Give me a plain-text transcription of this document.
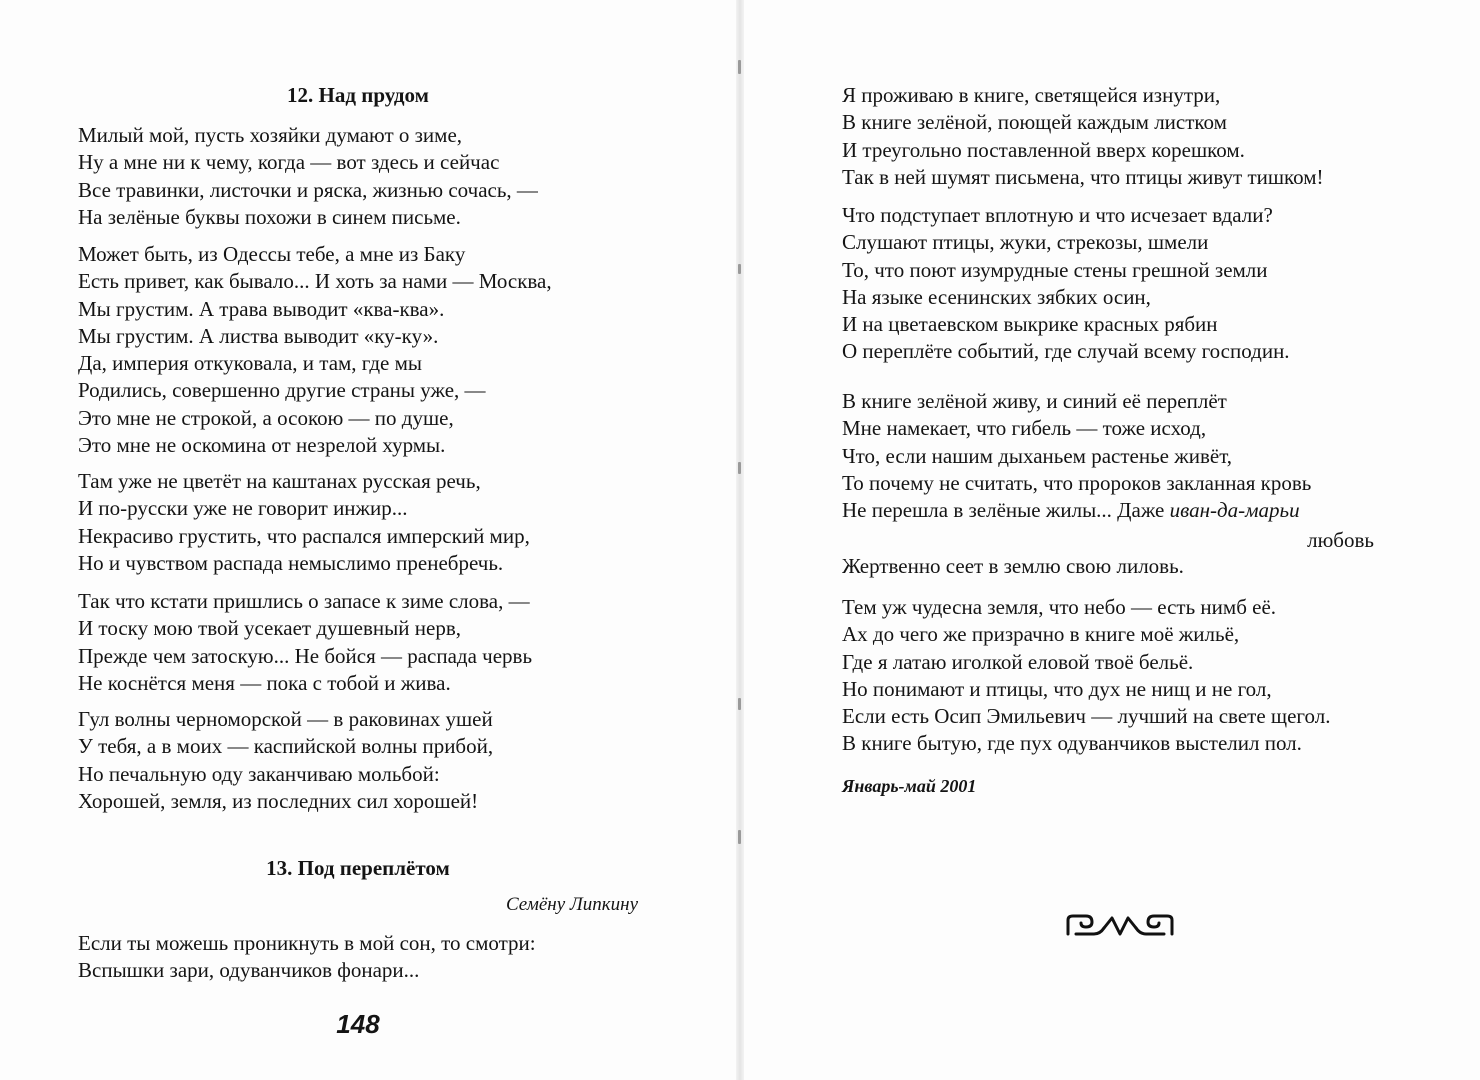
12. Над прудом
Милый мой, пусть хозяйки думают о зиме,
Ну а мне ни к чему, когда — вот здесь и сейчас
Все травинки, листочки и ряска, жизнью сочась, —
На зелёные буквы похожи в синем письме.
Может быть, из Одессы тебе, а мне из Баку
Есть привет, как бывало... И хоть за нами — Москва,
Мы грустим. А трава выводит «ква-ква».
Мы грустим. А листва выводит «ку-ку».
Да, империя откуковала, и там, где мы
Родились, совершенно другие страны уже, —
Это мне не строкой, а осокою — по душе,
Это мне не оскомина от незрелой хурмы.
Там уже не цветёт на каштанах русская речь,
И по-русски уже не говорит инжир...
Некрасиво грустить, что распался имперский мир,
Но и чувством распада немыслимо пренебречь.
Так что кстати пришлись о запасе к зиме слова, —
И тоску мою твой усекает душевный нерв,
Прежде чем затоскую... Не бойся — распада червь
Не коснётся меня — пока с тобой и жива.
Гул волны черноморской — в раковинах ушей
У тебя, а в моих — каспийской волны прибой,
Но печальную оду заканчиваю мольбой:
Хорошей, земля, из последних сил хорошей!
13. Под переплётом
Семёну Липкину
Если ты можешь проникнуть в мой сон, то смотри:
Вспышки зари, одуванчиков фонари...
148
Я проживаю в книге, светящейся изнутри,
В книге зелёной, поющей каждым листком
И треугольно поставленной вверх корешком.
Так в ней шумят письмена, что птицы живут тишком!
Что подступает вплотную и что исчезает вдали?
Слушают птицы, жуки, стрекозы, шмели
То, что поют изумрудные стены грешной земли
На языке есенинских зябких осин,
И на цветаевском выкрике красных рябин
О переплёте событий, где случай всему господин.
В книге зелёной живу, и синий её переплёт
Мне намекает, что гибель — тоже исход,
Что, если нашим дыханьем растенье живёт,
То почему не считать, что пророков закланная кровь
Не перешла в зелёные жилы... Даже иван-да-марьи
любовь
Жертвенно сеет в землю свою лиловь.
Тем уж чудесна земля, что небо — есть нимб её.
Ах до чего же призрачно в книге моё жильё,
Где я латаю иголкой еловой твоё бельё.
Но понимают и птицы, что дух не нищ и не гол,
Если есть Осип Эмильевич — лучший на свете щегол.
В книге бытую, где пух одуванчиков выстелил пол.
Январь-май 2001
